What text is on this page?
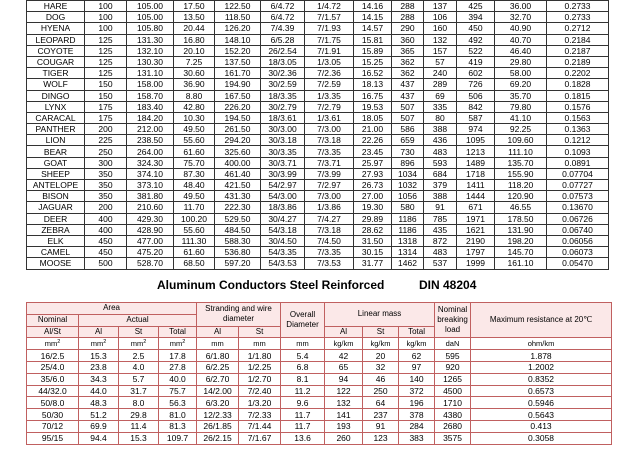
HARE	100	105.00	17.50	122.50	6/4.72	1/4.72	14.16	288	137	425	36.00	0.2733
DOG	100	105.00	13.50	118.50	6/4.72	7/1.57	14.15	288	106	394	32.70	0.2733
HYENA	100	105.80	20.44	126.20	7/4.39	7/1.93	14.57	290	160	450	40.90	0.2712
LEOPARD	125	131.30	16.80	148.10	6/5.28	7/1.75	15.81	360	132	492	40.70	0.2184
COYOTE	125	132.10	20.10	152.20	26/2.54	7/1.91	15.89	365	157	522	46.40	0.2187
COUGAR	125	130.30	7.25	137.50	18/3.05	1/3.05	15.25	362	57	419	29.80	0.2189
TIGER	125	131.10	30.60	161.70	30/2.36	7/2.36	16.52	362	240	602	58.00	0.2202
WOLF	150	158.00	36.90	194.90	30/2.59	7/2.59	18.13	437	289	726	69.20	0.1828
DINGO	150	158.70	8.80	167.50	18/3.35	1/3.35	16.75	437	69	506	35.70	0.1815
LYNX	175	183.40	42.80	226.20	30/2.79	7/2.79	19.53	507	335	842	79.80	0.1576
CARACAL	175	184.20	10.30	194.50	18/3.61	1/3.61	18.05	507	80	587	41.10	0.1563
PANTHER	200	212.00	49.50	261.50	30/3.00	7/3.00	21.00	586	388	974	92.25	0.1363
LION	225	238.50	55.60	294.20	30/3.18	7/3.18	22.26	659	436	1095	109.60	0.1212
BEAR	250	264.00	61.60	325.60	30/3.35	7/3.35	23.45	730	483	1213	111.10	0.1093
GOAT	300	324.30	75.70	400.00	30/3.71	7/3.71	25.97	896	593	1489	135.70	0.0891
SHEEP	350	374.10	87.30	461.40	30/3.99	7/3.99	27.93	1034	684	1718	155.90	0.07704
ANTELOPE	350	373.10	48.40	421.50	54/2.97	7/2.97	26.73	1032	379	1411	118.20	0.07727
BISON	350	381.80	49.50	431.30	54/3.00	7/3.00	27.00	1056	388	1444	120.90	0.07573
JAGUAR	200	210.60	11.70	222.30	18/3.86	1/3.86	19.30	580	91	671	46.55	0.13670
DEER	400	429.30	100.20	529.50	30/4.27	7/4.27	29.89	1186	785	1971	178.50	0.06726
ZEBRA	400	428.90	55.60	484.50	54/3.18	7/3.18	28.62	1186	435	1621	131.90	0.06740
ELK	450	477.00	111.30	588.30	30/4.50	7/4.50	31.50	1318	872	2190	198.20	0.06056
CAMEL	450	475.20	61.60	536.80	54/3.35	7/3.35	30.15	1314	483	1797	145.70	0.06073
MOOSE	500	528.70	68.50	597.20	54/3.53	7/3.53	31.77	1462	537	1999	161.10	0.05470
Aluminum Conductors Steel Reinforced	DIN 48204
Area				Stranding and wire diameter		Overall Diameter	Linear mass			Nominal breaking load	Maximum resistance at 20℃
Nominal	Actual										
Al/St	Al	St	Total	Al	St		Al	St	Total		
$mm^2$	$mm^2$	$mm^2$	$mm^2$	mm	mm	mm	kg/km	kg/km	kg/km	daN	ohm/km
16/2.5	15.3	2.5	17.8	6/1.80	1/1.80	5.4	42	20	62	595	1.878
25/4.0	23.8	4.0	27.8	6/2.25	1/2.25	6.8	65	32	97	920	1.2002
35/6.0	34.3	5.7	40.0	6/2.70	1/2.70	8.1	94	46	140	1265	0.8352
44/32.0	44.0	31.7	75.7	14/2.00	7/2.40	11.2	122	250	372	4500	0.6573
50/8.0	48.3	8.0	56.3	6/3.20	1/3.20	9.6	132	64	196	1710	0.5946
50/30	51.2	29.8	81.0	12/2.33	7/2.33	11.7	141	237	378	4380	0.5643
70/12	69.9	11.4	81.3	26/1.85	7/1.44	11.7	193	91	284	2680	0.413
95/15	94.4	15.3	109.7	26/2.15	7/1.67	13.6	260	123	383	3575	0.3058
